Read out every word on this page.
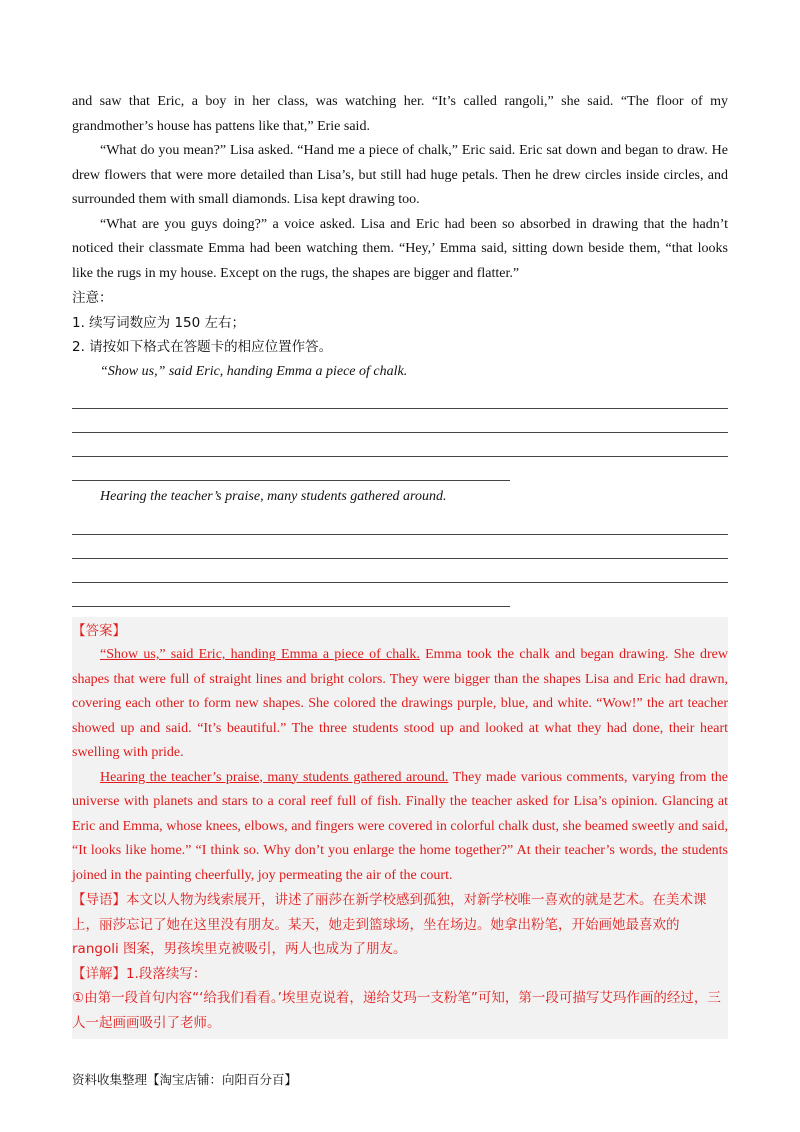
and saw that Eric, a boy in her class, was watching her. “It’s called rangoli,” she said. “The floor of my grandmother’s house has pattens like that,” Erie said.

“What do you mean?” Lisa asked. “Hand me a piece of chalk,” Eric said. Eric sat down and began to draw. He drew flowers that were more detailed than Lisa’s, but still had huge petals. Then he drew circles inside circles, and surrounded them with small diamonds. Lisa kept drawing too.

“What are you guys doing?” a voice asked. Lisa and Eric had been so absorbed in drawing that the hadn’t noticed their classmate Emma had been watching them. “Hey,’ Emma said, sitting down beside them, “that looks like the rugs in my house. Except on the rugs, the shapes are bigger and flatter.”

注意：

1. 续写词数应为 150 左右；

2. 请按如下格式在答题卡的相应位置作答。

“Show us,” said Eric, handing Emma a piece of chalk.

Hearing the teacher’s praise, many students gathered around.

【答案】

“Show us,” said Eric, handing Emma a piece of chalk. Emma took the chalk and began drawing. She drew shapes that were full of straight lines and bright colors. They were bigger than the shapes Lisa and Eric had drawn, covering each other to form new shapes. She colored the drawings purple, blue, and white. “Wow!” the art teacher showed up and said. “It’s beautiful.” The three students stood up and looked at what they had done, their heart swelling with pride.

Hearing the teacher’s praise, many students gathered around. They made various comments, varying from the universe with planets and stars to a coral reef full of fish. Finally the teacher asked for Lisa’s opinion. Glancing at Eric and Emma, whose knees, elbows, and fingers were covered in colorful chalk dust, she beamed sweetly and said, “It looks like home.” “I think so. Why don’t you enlarge the home together?” At their teacher’s words, the students joined in the painting cheerfully, joy permeating the air of the court.

【导语】本文以人物为线索展开，讲述了丽莎在新学校感到孤独，对新学校唯一喜欢的就是艺术。在美术课上，丽莎忘记了她在这里没有朋友。某天，她走到篮球场，坐在场边。她拿出粉笔，开始画她最喜欢的 rangoli 图案，男孩埃里克被吸引，两人也成为了朋友。

【详解】1.段落续写：

①由第一段首句内容“‘给我们看看。’埃里克说着，递给艾玛一支粉笔”可知，第一段可描写艾玛作画的经过，三人一起画画吸引了老师。

资料收集整理【淘宝店铺：向阳百分百】
